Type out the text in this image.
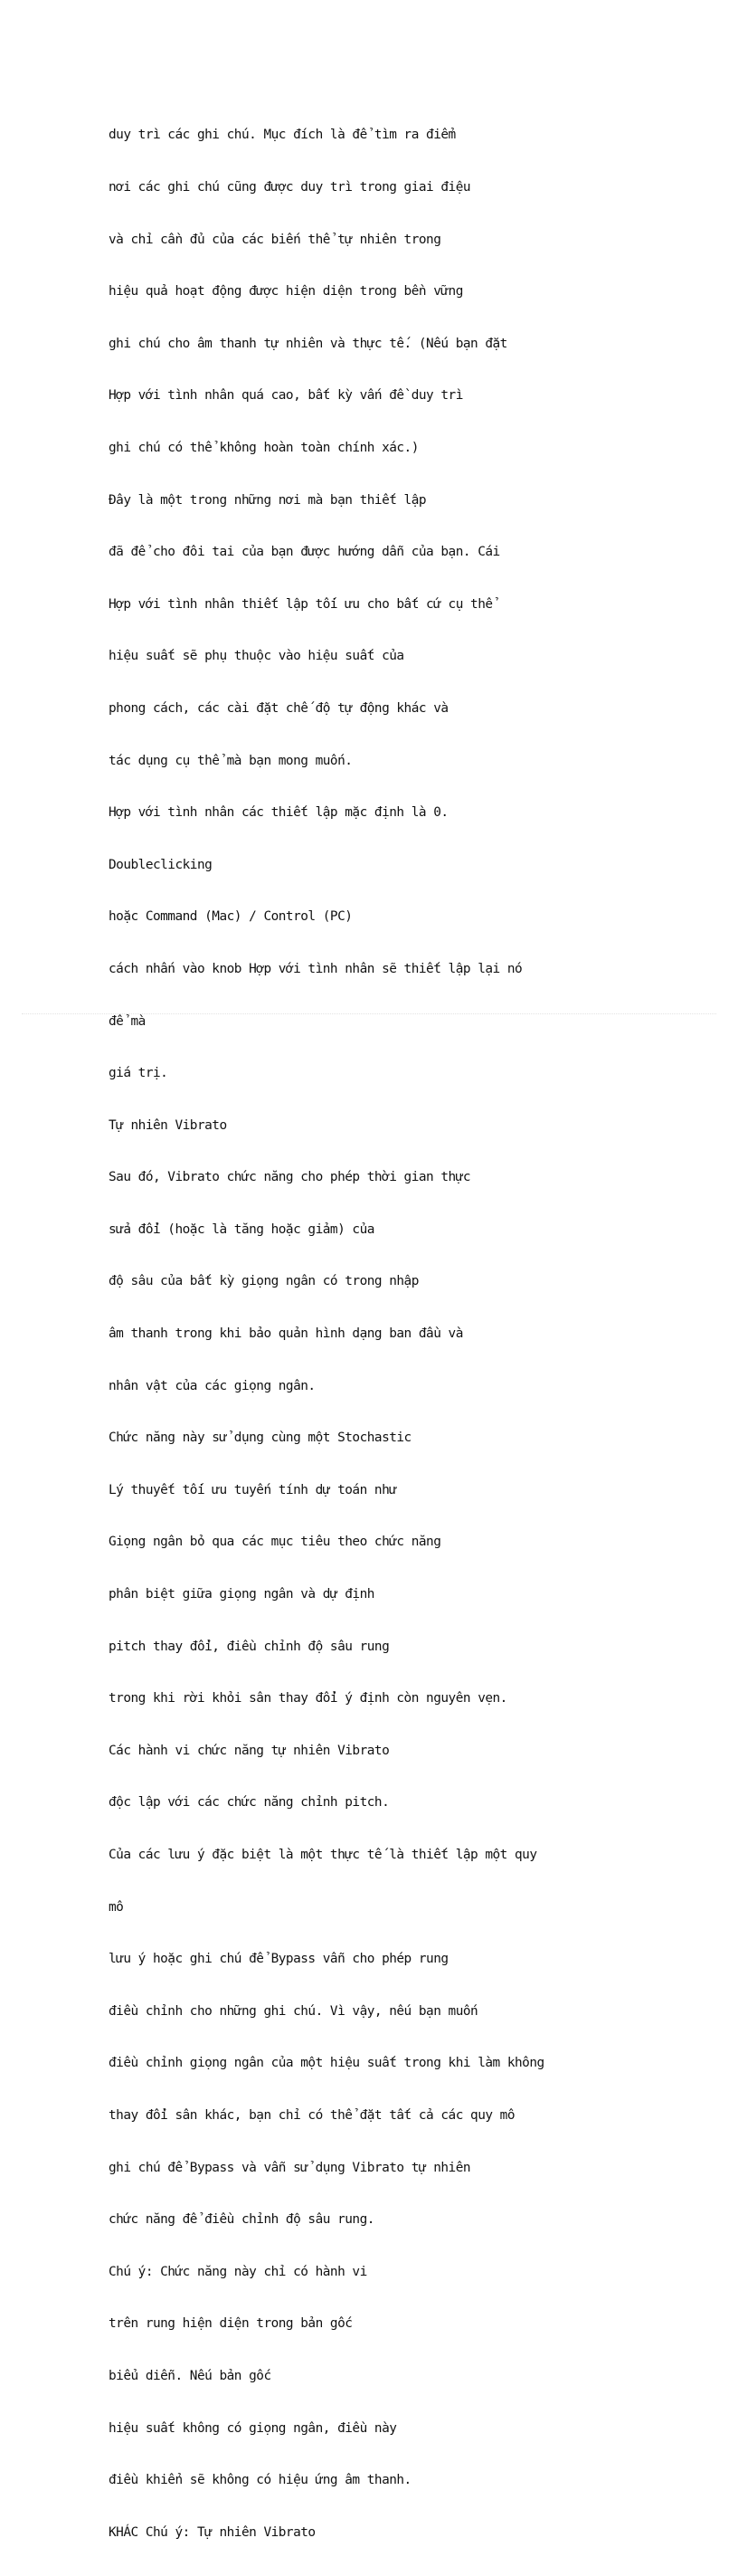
duy trì các ghi chú. Mục đích là để tìm ra điểm

nơi các ghi chú cũng được duy trì trong giai điệu

và chỉ cần đủ của các biến thể tự nhiên trong

hiệu quả hoạt động được hiện diện trong bền vững

ghi chú cho âm thanh tự nhiên và thực tế. (Nếu bạn đặt

Hợp với tình nhân quá cao, bất kỳ vấn đề duy trì

ghi chú có thể không hoàn toàn chính xác.)

Đây là một trong những nơi mà bạn thiết lập

đã để cho đôi tai của bạn được hướng dẫn của bạn. Cái

Hợp với tình nhân thiết lập tối ưu cho bất cứ cụ thể

hiệu suất sẽ phụ thuộc vào hiệu suất của

phong cách, các cài đặt chế độ tự động khác và

tác dụng cụ thể mà bạn mong muốn.

Hợp với tình nhân các thiết lập mặc định là 0.

Doubleclicking

hoặc Command (Mac) / Control (PC)

cách nhấn vào knob Hợp với tình nhân sẽ thiết lập lại nó

để mà

giá trị.

Tự nhiên Vibrato

Sau đó, Vibrato chức năng cho phép thời gian thực

sửa đổi (hoặc là tăng hoặc giảm) của

độ sâu của bất kỳ giọng ngân có trong nhập

âm thanh trong khi bảo quản hình dạng ban đầu và

nhân vật của các giọng ngân.

Chức năng này sử dụng cùng một Stochastic

Lý thuyết tối ưu tuyến tính dự toán như

Giọng ngân bỏ qua các mục tiêu theo chức năng

phân biệt giữa giọng ngân và dự định

pitch thay đổi, điều chỉnh độ sâu rung

trong khi rời khỏi sân thay đổi ý định còn nguyên vẹn.

Các hành vi chức năng tự nhiên Vibrato

độc lập với các chức năng chỉnh pitch.

Của các lưu ý đặc biệt là một thực tế là thiết lập một quy

mô

lưu ý hoặc ghi chú để Bypass vẫn cho phép rung

điều chỉnh cho những ghi chú. Vì vậy, nếu bạn muốn

điều chỉnh giọng ngân của một hiệu suất trong khi làm không

thay đổi sân khác, bạn chỉ có thể đặt tất cả các quy mô

ghi chú để Bypass và vẫn sử dụng Vibrato tự nhiên

chức năng để điều chỉnh độ sâu rung.

Chú ý: Chức năng này chỉ có hành vi

trên rung hiện diện trong bản gốc

biểu diễn. Nếu bản gốc

hiệu suất không có giọng ngân, điều này

điều khiển sẽ không có hiệu ứng âm thanh.

KHÁC Chú ý: Tự nhiên Vibrato
